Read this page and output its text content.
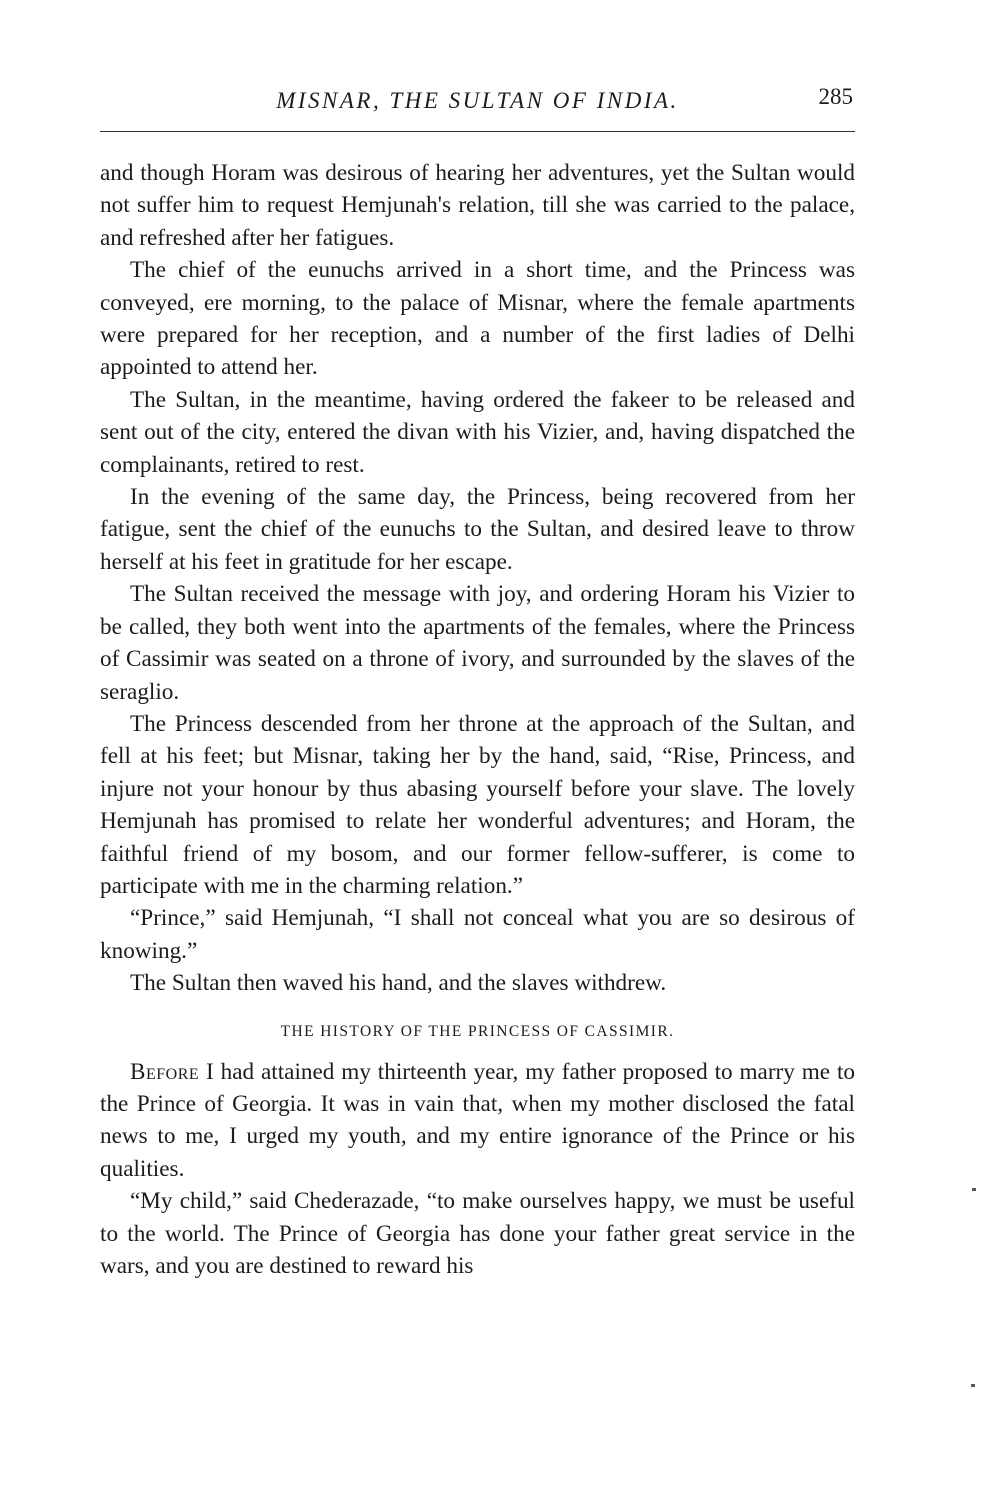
MISNAR, THE SULTAN OF INDIA.	285

and though Horam was desirous of hearing her adventures, yet the Sultan would not suffer him to request Hemjunah's relation, till she was carried to the palace, and refreshed after her fatigues.

The chief of the eunuchs arrived in a short time, and the Princess was conveyed, ere morning, to the palace of Misnar, where the female apartments were prepared for her reception, and a number of the first ladies of Delhi appointed to attend her.

The Sultan, in the meantime, having ordered the fakeer to be released and sent out of the city, entered the divan with his Vizier, and, having dispatched the complainants, retired to rest.

In the evening of the same day, the Princess, being recovered from her fatigue, sent the chief of the eunuchs to the Sultan, and desired leave to throw herself at his feet in gratitude for her escape.

The Sultan received the message with joy, and ordering Horam his Vizier to be called, they both went into the apartments of the females, where the Princess of Cassimir was seated on a throne of ivory, and surrounded by the slaves of the seraglio.

The Princess descended from her throne at the approach of the Sultan, and fell at his feet; but Misnar, taking her by the hand, said, “Rise, Princess, and injure not your honour by thus abasing yourself before your slave. The lovely Hemjunah has promised to relate her wonderful adventures; and Horam, the faithful friend of my bosom, and our former fellow-sufferer, is come to participate with me in the charming relation.”

“Prince,” said Hemjunah, “I shall not conceal what you are so desirous of knowing.”

The Sultan then waved his hand, and the slaves withdrew.

THE HISTORY OF THE PRINCESS OF CASSIMIR.

Before I had attained my thirteenth year, my father proposed to marry me to the Prince of Georgia. It was in vain that, when my mother disclosed the fatal news to me, I urged my youth, and my entire ignorance of the Prince or his qualities.

“My child,” said Chederazade, “to make ourselves happy, we must be useful to the world. The Prince of Georgia has done your father great service in the wars, and you are destined to reward his
